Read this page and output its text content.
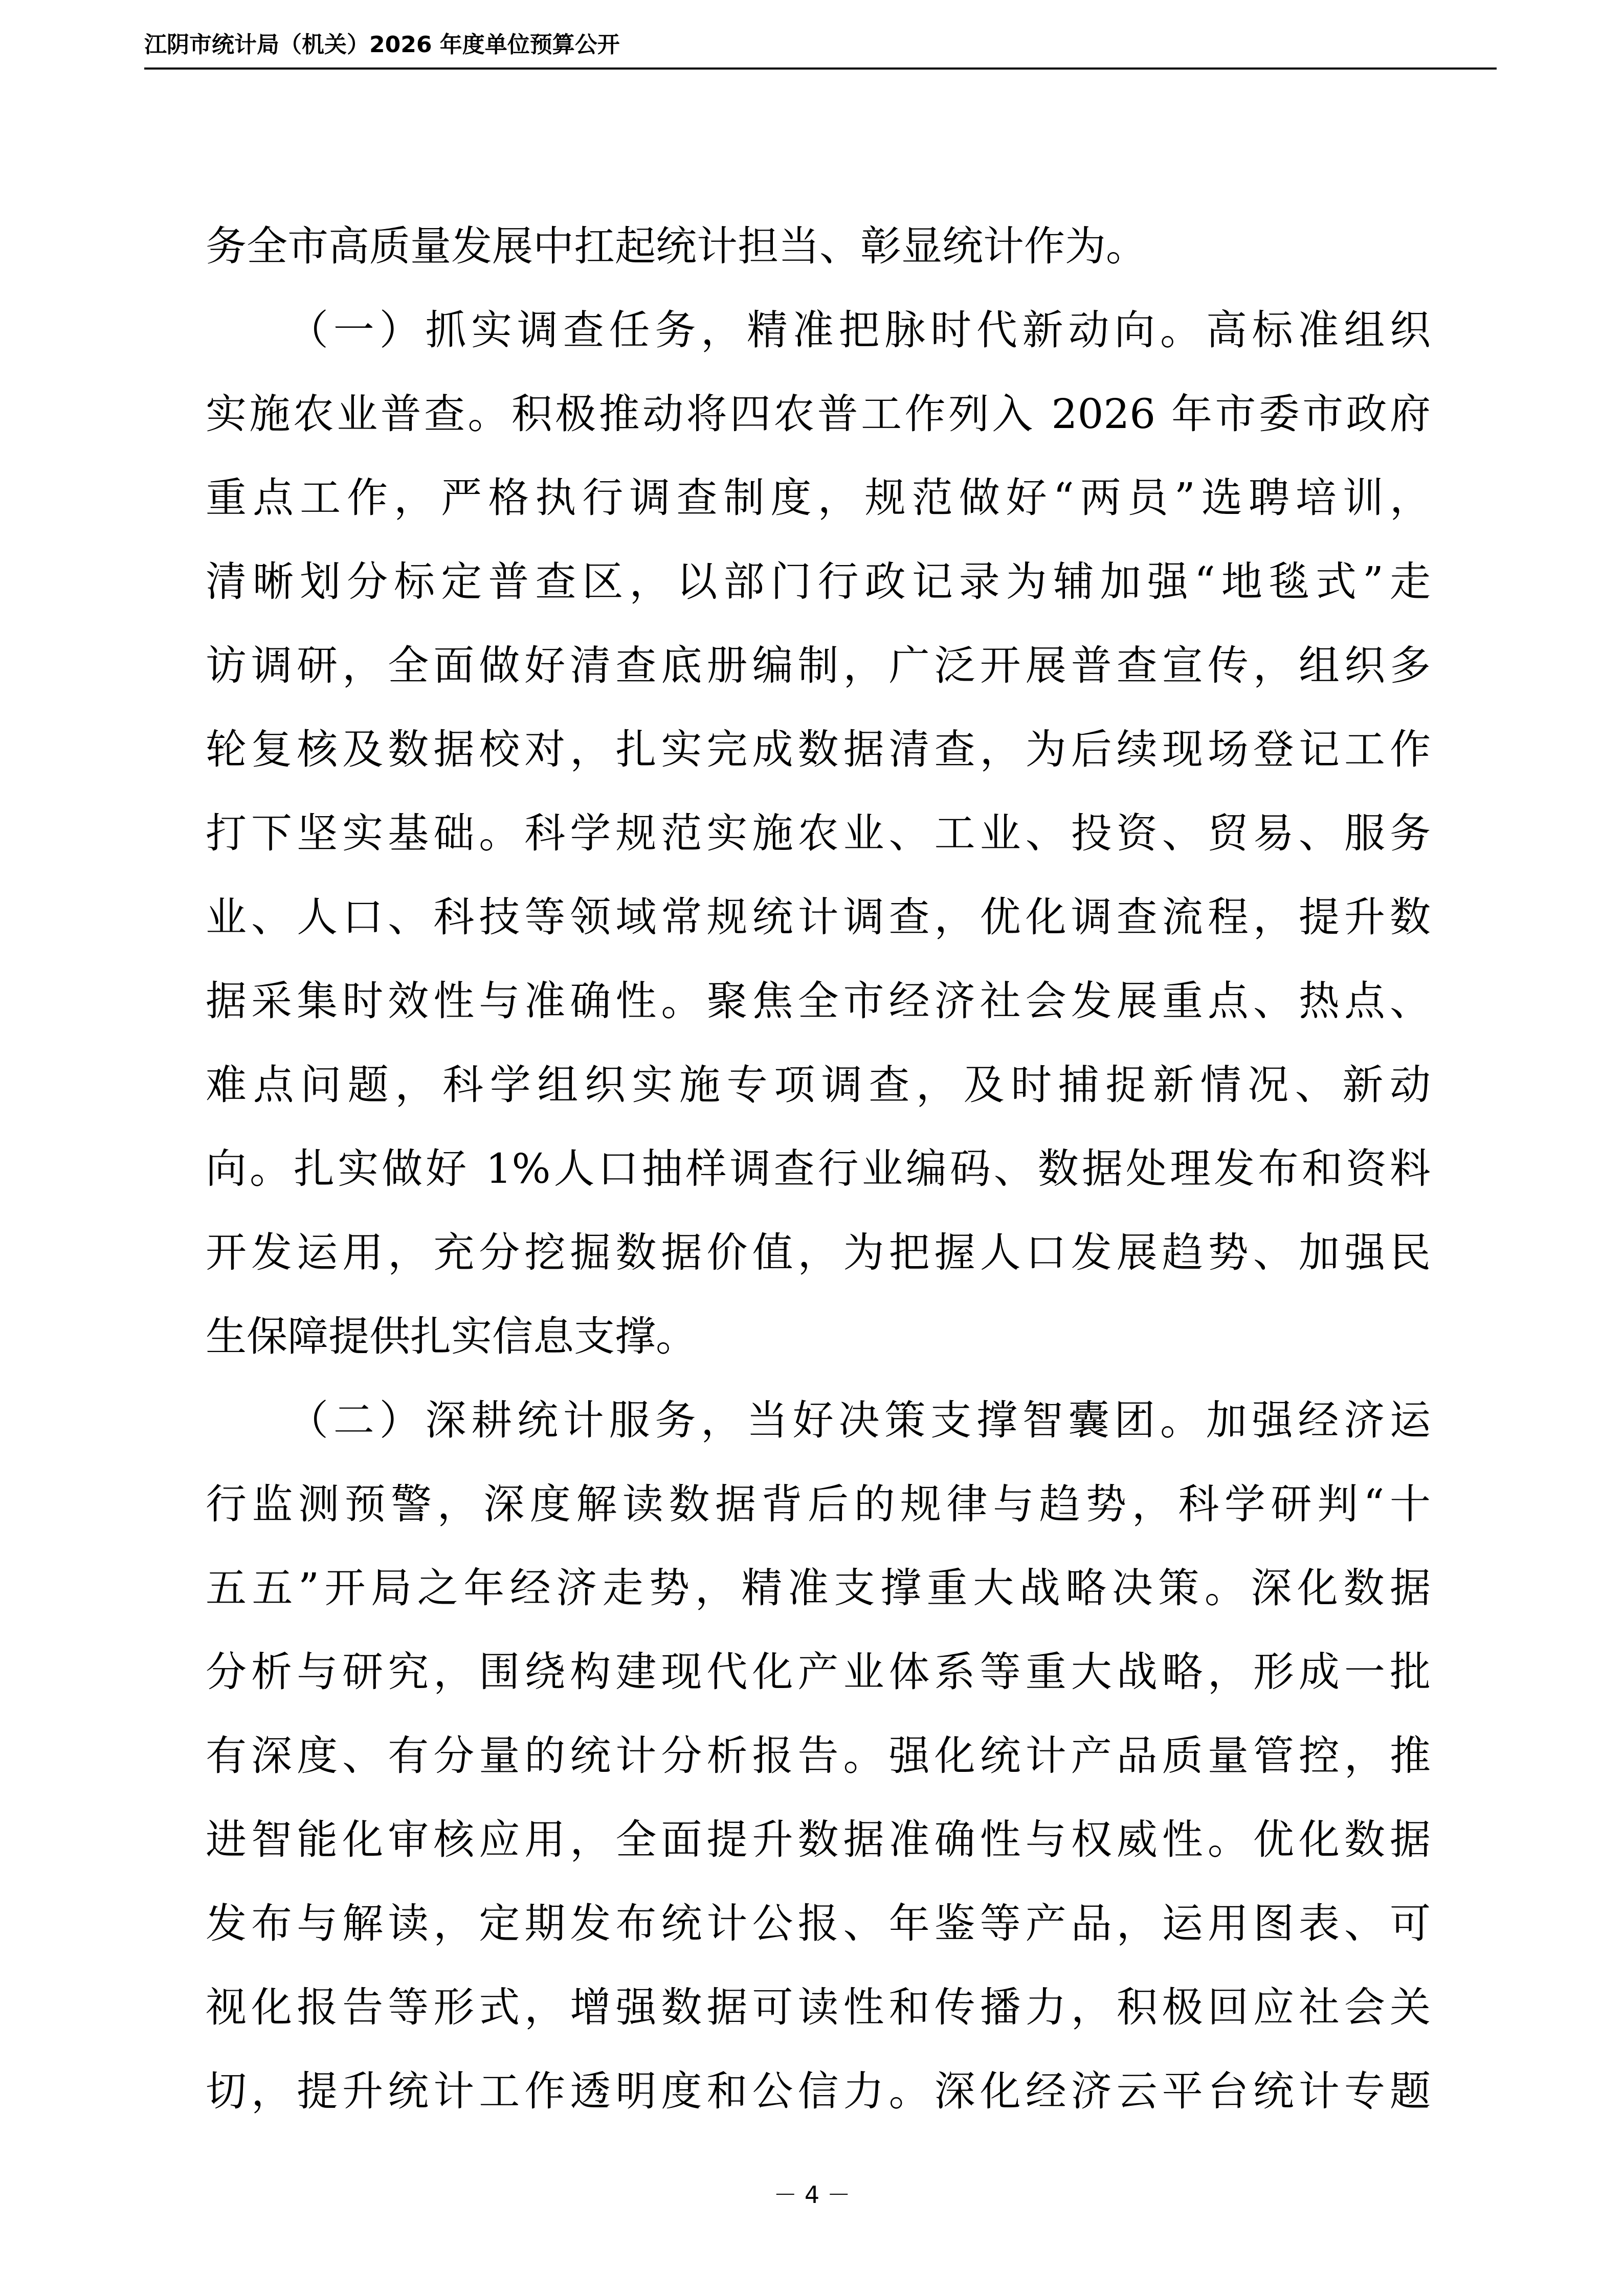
江阴市统计局（机关）2026 年度单位预算公开
务全市高质量发展中扛起统计担当、彰显统计作为。
（一）抓实调查任务，精准把脉时代新动向。高标准组织
实施农业普查。积极推动将四农普工作列入 2026 年市委市政府
重点工作，严格执行调查制度，规范做好“两员”选聘培训，
清晰划分标定普查区，以部门行政记录为辅加强“地毯式”走
访调研，全面做好清查底册编制，广泛开展普查宣传，组织多
轮复核及数据校对，扎实完成数据清查，为后续现场登记工作
打下坚实基础。科学规范实施农业、工业、投资、贸易、服务
业、人口、科技等领域常规统计调查，优化调查流程，提升数
据采集时效性与准确性。聚焦全市经济社会发展重点、热点、
难点问题，科学组织实施专项调查，及时捕捉新情况、新动
向。扎实做好 1%人口抽样调查行业编码、数据处理发布和资料
开发运用，充分挖掘数据价值，为把握人口发展趋势、加强民
生保障提供扎实信息支撑。
（二）深耕统计服务，当好决策支撑智囊团。加强经济运
行监测预警，深度解读数据背后的规律与趋势，科学研判“十
五五”开局之年经济走势，精准支撑重大战略决策。深化数据
分析与研究，围绕构建现代化产业体系等重大战略，形成一批
有深度、有分量的统计分析报告。强化统计产品质量管控，推
进智能化审核应用，全面提升数据准确性与权威性。优化数据
发布与解读，定期发布统计公报、年鉴等产品，运用图表、可
视化报告等形式，增强数据可读性和传播力，积极回应社会关
切，提升统计工作透明度和公信力。深化经济云平台统计专题
－ 4 －
